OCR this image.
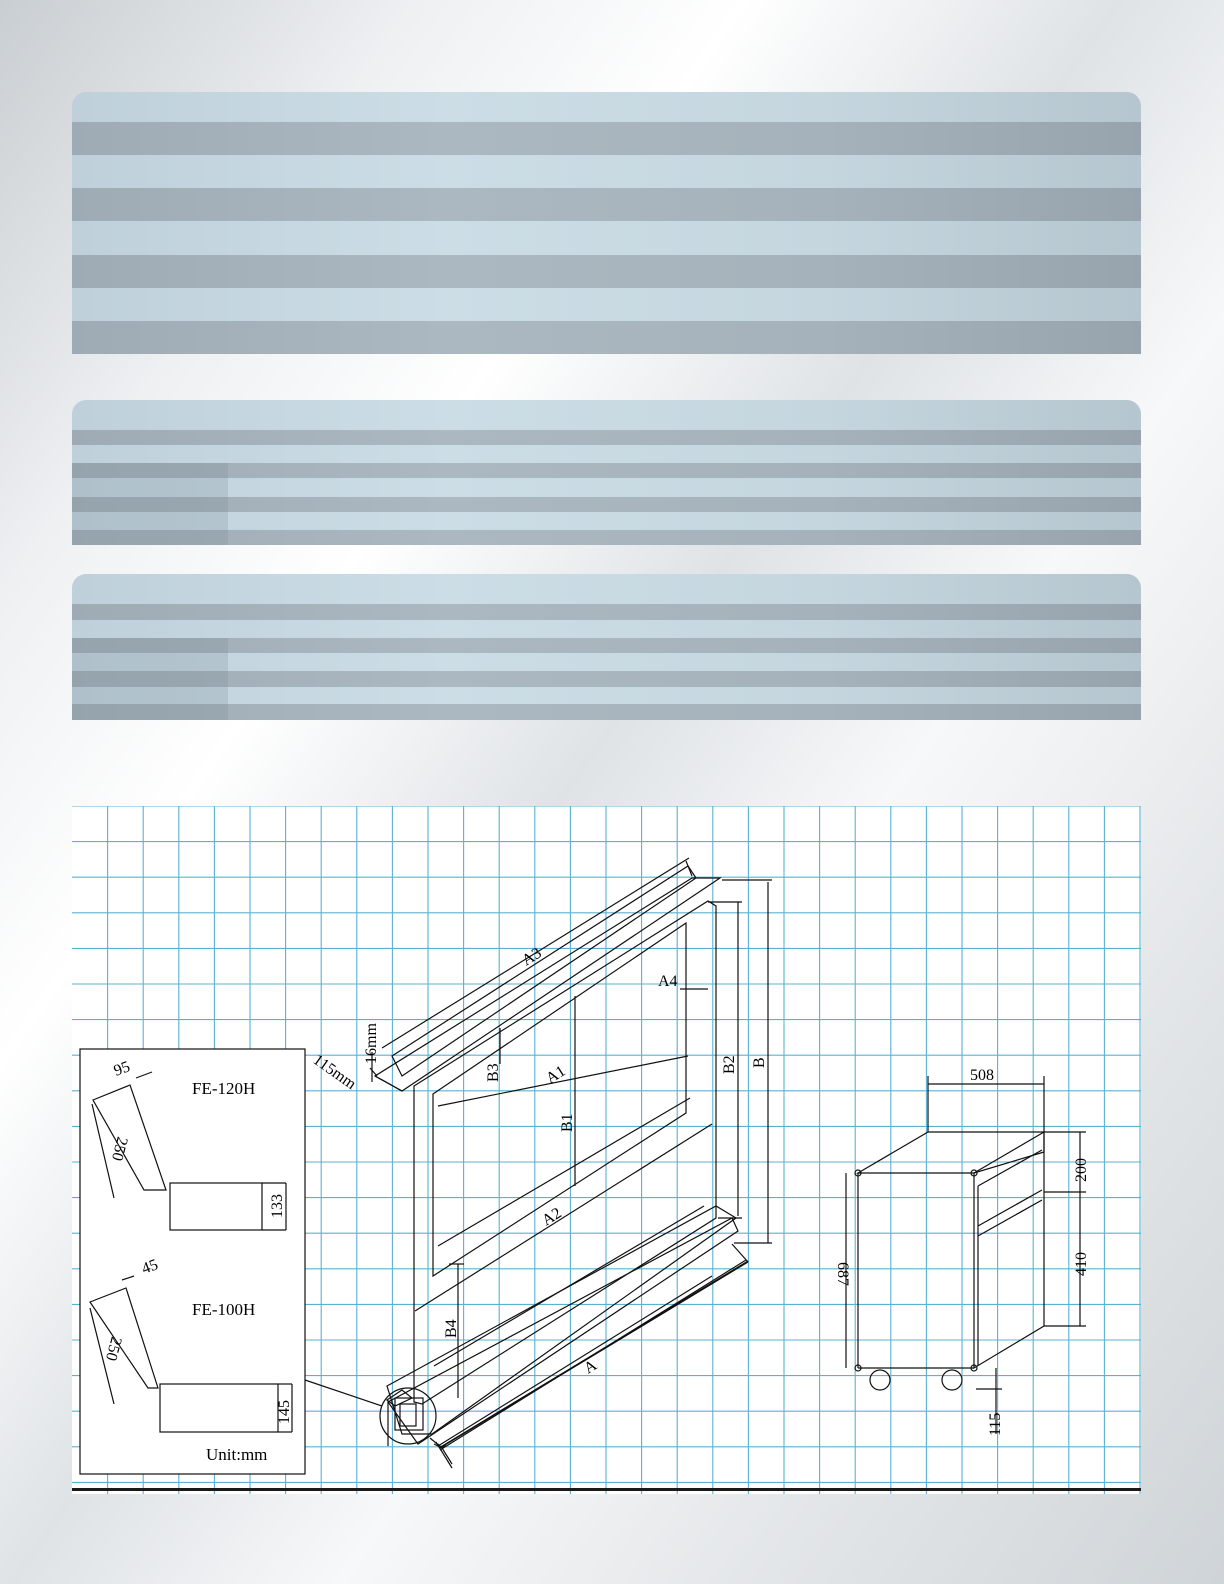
FE-120H
FE-100H
Unit:mm
95
250
133
45
250
145
A
A1
A2
A3
A4
B
B1
B2
B3
B4
115mm
16mm
508
200
410
687
115
